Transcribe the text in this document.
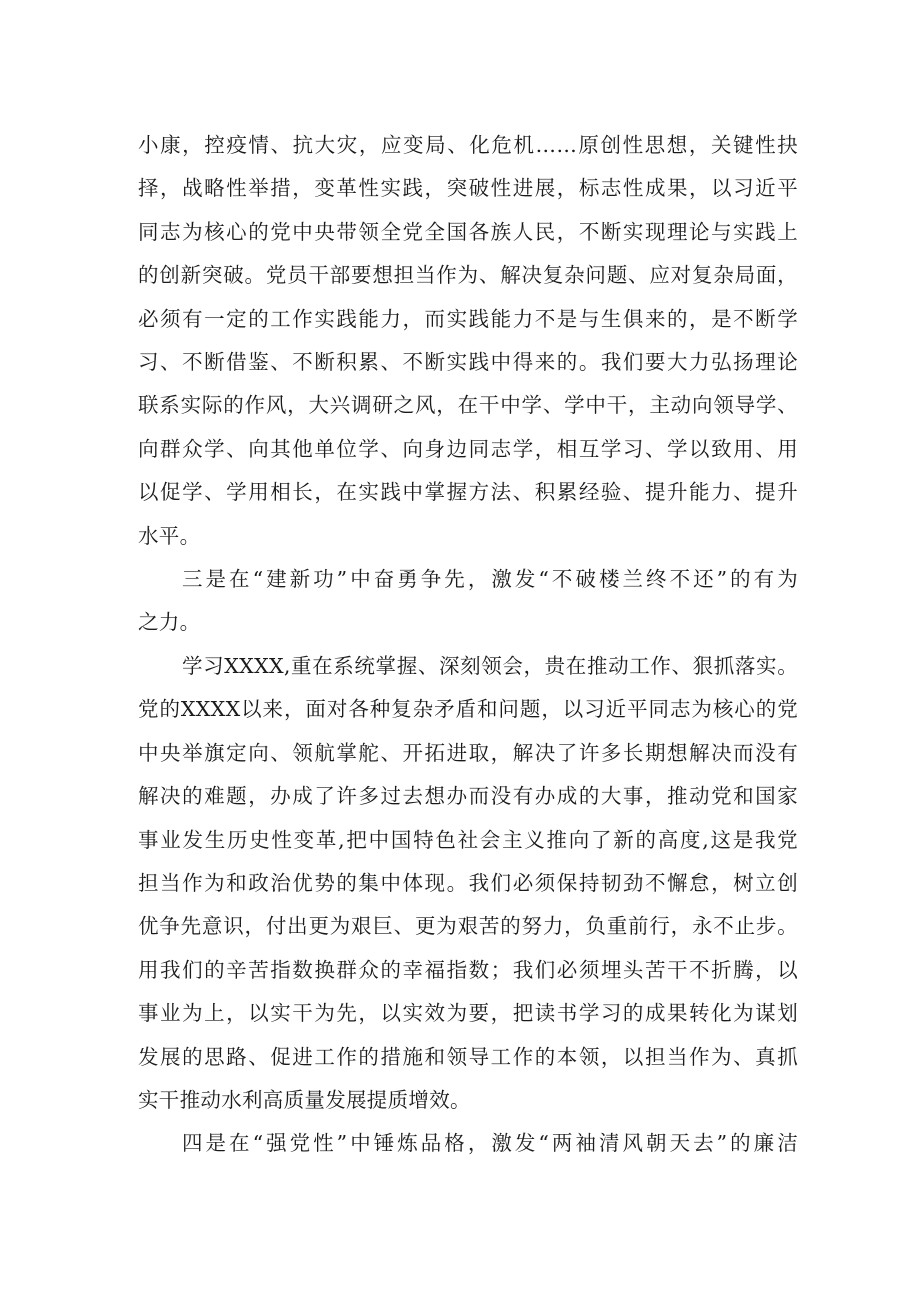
小康，控疫情、抗大灾，应变局、化危机……原创性思想，关键性抉
择，战略性举措，变革性实践，突破性进展，标志性成果，以习近平
同志为核心的党中央带领全党全国各族人民，不断实现理论与实践上
的创新突破。党员干部要想担当作为、解决复杂问题、应对复杂局面，
必须有一定的工作实践能力，而实践能力不是与生俱来的，是不断学
习、不断借鉴、不断积累、不断实践中得来的。我们要大力弘扬理论
联系实际的作风，大兴调研之风，在干中学、学中干，主动向领导学、
向群众学、向其他单位学、向身边同志学，相互学习、学以致用、用
以促学、学用相长，在实践中掌握方法、积累经验、提升能力、提升
水平。
三是在“建新功”中奋勇争先，激发“不破楼兰终不还”的有为
之力。
学习XXXX,重在系统掌握、深刻领会，贵在推动工作、狠抓落实。
党的XXXX以来，面对各种复杂矛盾和问题，以习近平同志为核心的党
中央举旗定向、领航掌舵、开拓进取，解决了许多长期想解决而没有
解决的难题，办成了许多过去想办而没有办成的大事，推动党和国家
事业发生历史性变革,把中国特色社会主义推向了新的高度,这是我党
担当作为和政治优势的集中体现。我们必须保持韧劲不懈怠，树立创
优争先意识，付出更为艰巨、更为艰苦的努力，负重前行，永不止步。
用我们的辛苦指数换群众的幸福指数；我们必须埋头苦干不折腾，以
事业为上，以实干为先，以实效为要，把读书学习的成果转化为谋划
发展的思路、促进工作的措施和领导工作的本领，以担当作为、真抓
实干推动水利高质量发展提质增效。
四是在“强党性”中锤炼品格，激发“两袖清风朝天去”的廉洁
